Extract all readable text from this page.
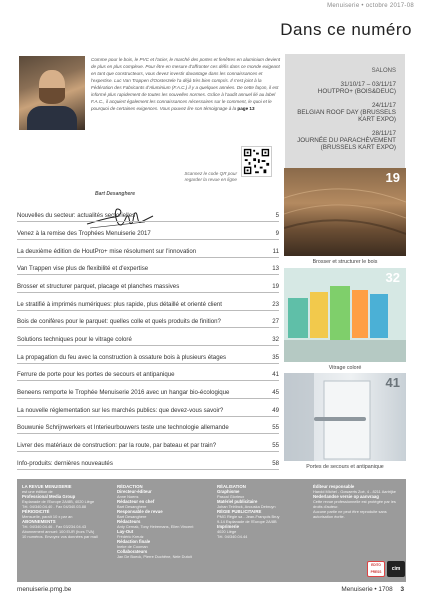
Menuiserie • octobre 2017-08
Dans ce numéro
Comme pour le bois, le PVC et l'acier, le marché des portes et fenêtres en aluminium devient de plus en plus complexe. Pour être en mesure d'affronter ces défis dans ce monde exigeant en tant que constructeurs, vous devez investir davantage dans les connaissances et l'expertise. Luc Van Trappen d'Oosterzele l'a déjà très bien compris. Il s'est joint à la Fédération des Fabricants d'Aluminium (F.A.C.) il y a quelques années. De cette façon, il est informé plus rapidement de toutes les nouvelles normes. Grâce à l'audit annuel lié au label F.A.C., il acquiert également les connaissances nécessaires sur le comment, le quoi et le pourquoi de certaines exigences. Vous pouvez lire son témoignage à la page 13
Bart Desanghere
Scannez le code QR pour regarder la revue en ligne
SALONS
31/10/17 – 03/11/17
HOUTPRO+ (BOIS&DEUC)
24/11/17
BELGIAN ROOF DAY (BRUSSELS KART EXPO)
28/11/17
JOURNÉE DU PARACHÈVEMENT (BRUSSELS KART EXPO)
Nouvelles du secteur: actualités sectorielles	5
Venez à la remise des Trophées Menuiserie 2017	9
La deuxième édition de HoutPro+ mise résolument sur l'innovation	11
Van Trappen vise plus de flexibilité et d'expertise	13
Brosser et structurer parquet, placage et planches massives	19
Le stratifié à imprimés numériques: plus rapide, plus détaillé et orienté client	23
Bois de conifères pour le parquet: quelles colle et quels produits de finition?	27
Solutions techniques pour le vitrage coloré	32
La propagation du feu avec la construction à ossature bois à plusieurs étages	35
Ferrure de porte pour les portes de secours et antipanique	41
Beneens remporte le Trophée Menuiserie 2016 avec un hangar bio-écologique	45
La nouvelle réglementation sur les marchés publics: que devez-vous savoir?	49
Bouwunie Schrijnwerkers et Interieurbouwers teste une technologie allemande	55
Livrer des matériaux de construction: par la route, par bateau et par train?	55
Info-produits: dernières nouveautés	58
19
Brosser et structurer le bois
32
Vitrage coloré
41
Portes de secours et antipanique
LA REVUE MENUISERIE
est une édition de
Professional Media Group
Esplanade de l'Europe 2A/8B, 4020 Liège
Tél. 04/340.04.40 - Fax 04/340.03.88
PÉRIODICITÉ
Mensuelle, paraît 10 x par an
ABONNEMENTS
Tél. 04/340.04.46 - Fax 03/234.04.43
Abonnement annuel: 100 EUR (hors TVA)
10 numéros. Envoyez vos données par mail
RÉDACTION
Directeur-éditeur
Anne Noens
Rédacteur en chef
Bart Desanghere
Responsable de revue
Bart Desanghere
Rédacteurs
Anty Cernak, Tony Heiremans, Ellen Vincent
Lay-Out
Frédéric Kreutz
Rédaction finale
Ineke de Cooman
Collaborateurs
Jan De Boeck, Pierre Duchêne, Nele Dutoit
RÉALISATION
Graphisme
Pascal Glorieux
Matériel publicitaire
Johan Teirlinck, Anouska Debruyn
RÉGIE PUBLICITAIRE
PMG Régie sa - Jean-François Bruy
9-14 Esplanade de l'Europe 2A/8B
Imprimerie
4020 Liège
Tél. 04/340.04.44
Éditeur responsable
Harold Michel - Gowaerts Zoé, 4 - 8211 Aartrijke
Nederlandse versie op aanvraag
Cette revue professionnelle est protégée par les droits d'auteur.
Aucune partie ne peut être reproduite sans autorisation écrite.
EDITO PRESS	cim
menuiserie.pmg.be	Menuiserie • 1708 3
